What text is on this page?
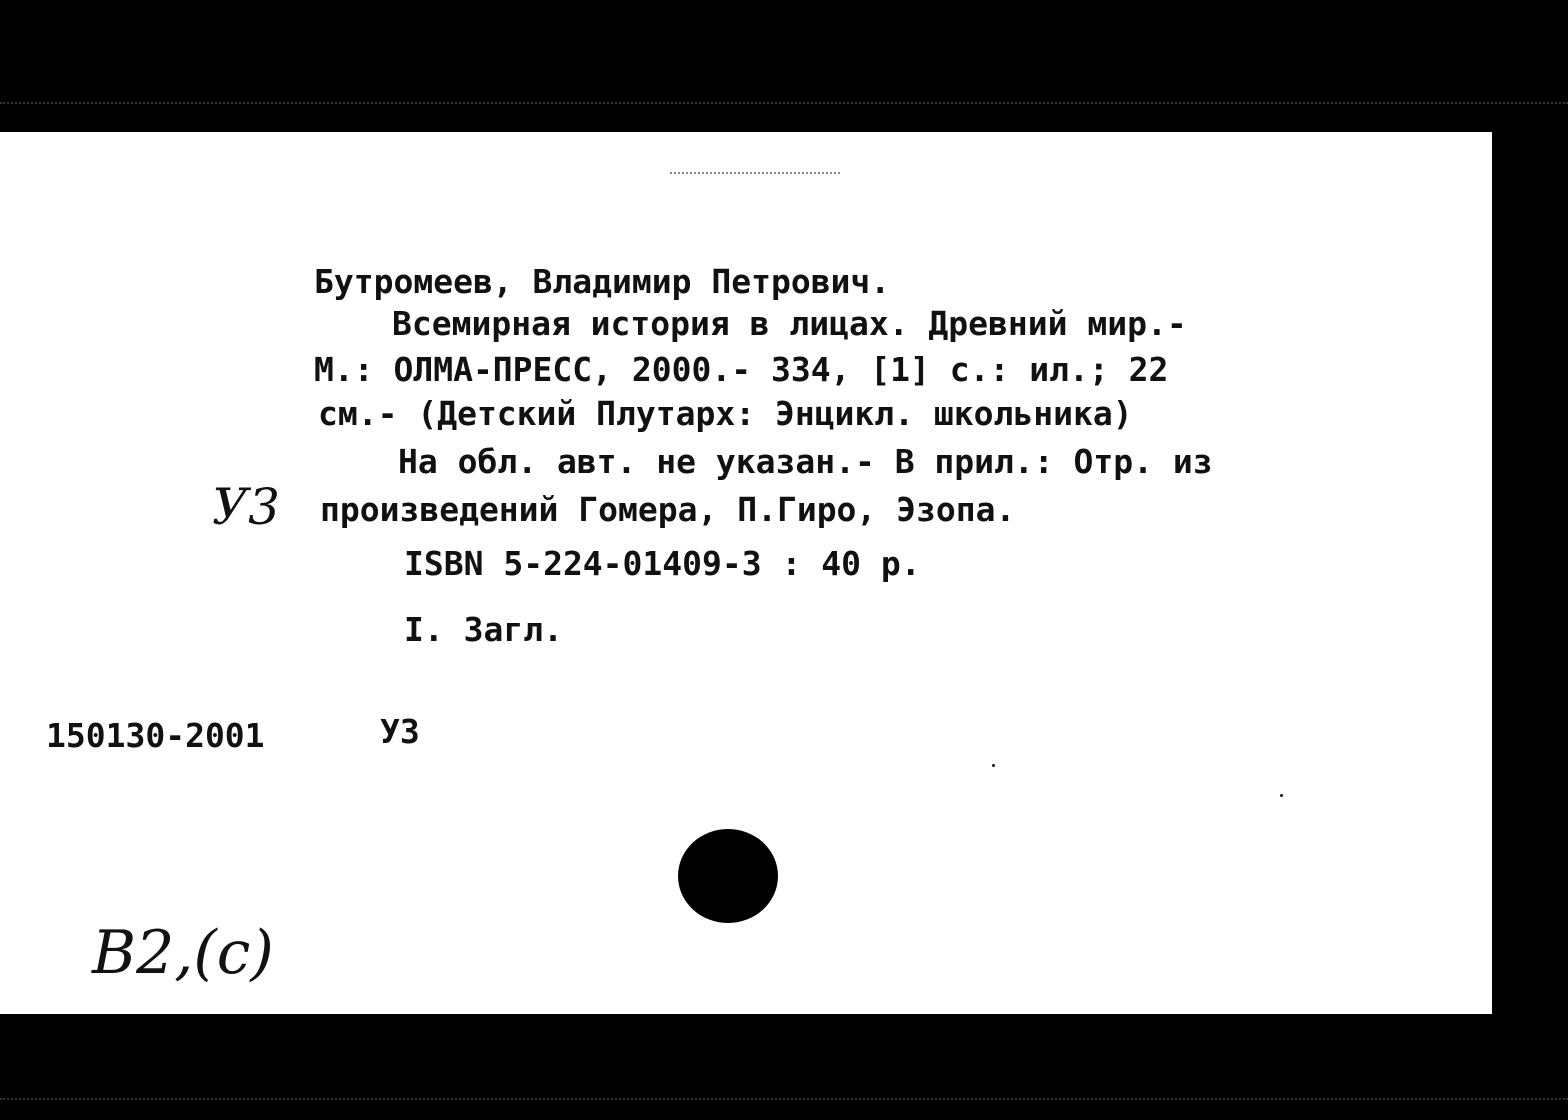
Бутромеев, Владимир Петрович.
Всемирная история в лицах. Древний мир.-
М.: ОЛМА-ПРЕСС, 2000.- 334, [1] с.: ил.; 22
см.- (Детский Плутарх: Энцикл. школьника)
На обл. авт. не указан.- В прил.: Отр. из
произведений Гомера, П.Гиро, Эзопа.
ISBN 5-224-01409-3 : 40 р.
I. Загл.
150130-2001	У3
У3
В2,(с)
